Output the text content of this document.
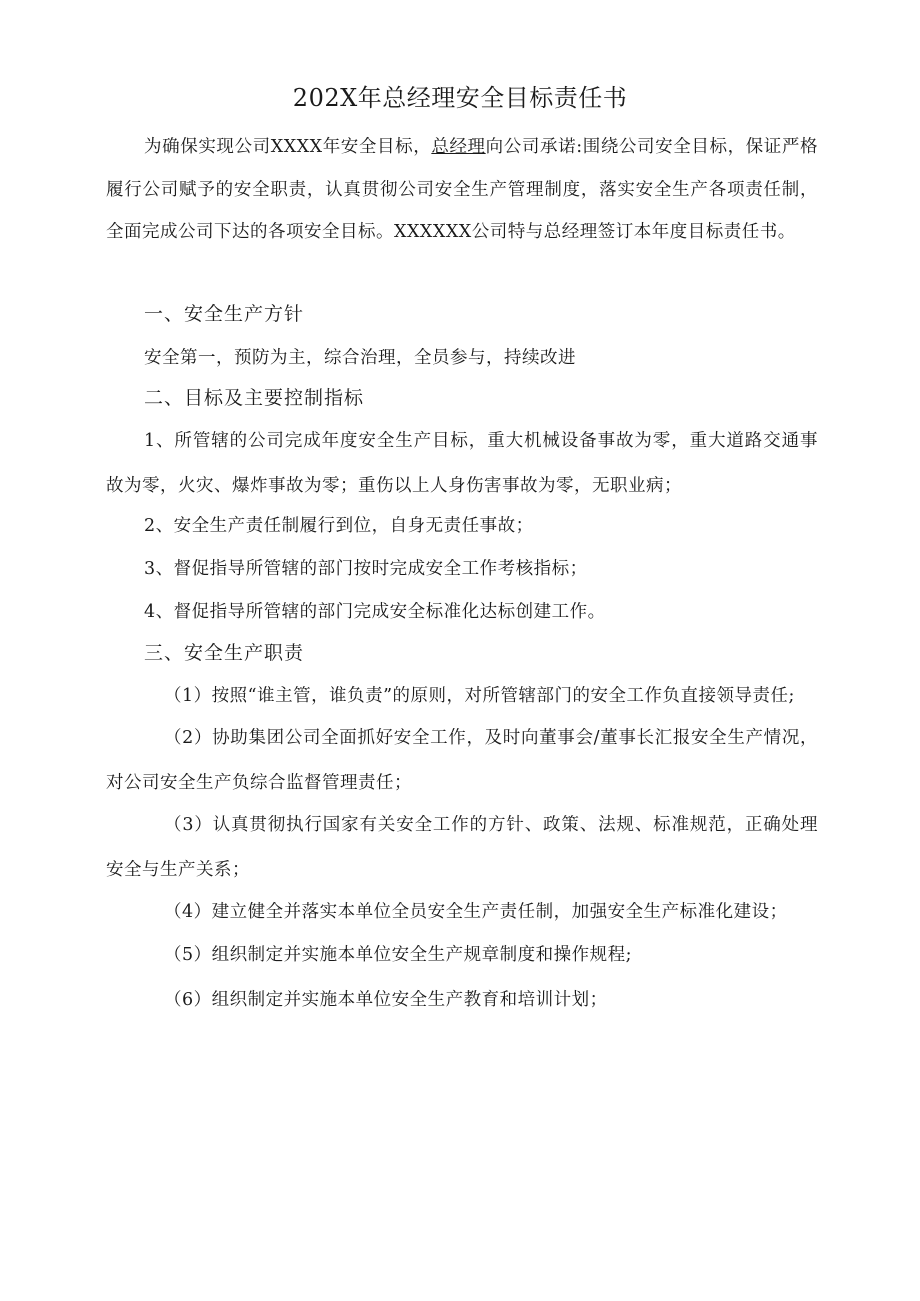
202X年总经理安全目标责任书
为确保实现公司XXXX年安全目标，总经理向公司承诺:围绕公司安全目标，保证严格履行公司赋予的安全职责，认真贯彻公司安全生产管理制度，落实安全生产各项责任制，全面完成公司下达的各项安全目标。XXXXXX公司特与总经理签订本年度目标责任书。
一、安全生产方针
安全第一，预防为主，综合治理，全员参与，持续改进
二、目标及主要控制指标
1、所管辖的公司完成年度安全生产目标，重大机械设备事故为零，重大道路交通事故为零，火灾、爆炸事故为零；重伤以上人身伤害事故为零，无职业病；
2、安全生产责任制履行到位，自身无责任事故；
3、督促指导所管辖的部门按时完成安全工作考核指标；
4、督促指导所管辖的部门完成安全标准化达标创建工作。
三、安全生产职责
（1）按照“谁主管，谁负责”的原则，对所管辖部门的安全工作负直接领导责任;
（2）协助集团公司全面抓好安全工作，及时向董事会/董事长汇报安全生产情况，对公司安全生产负综合监督管理责任；
（3）认真贯彻执行国家有关安全工作的方针、政策、法规、标准规范，正确处理安全与生产关系；
（4）建立健全并落实本单位全员安全生产责任制，加强安全生产标准化建设；
（5）组织制定并实施本单位安全生产规章制度和操作规程;
（6）组织制定并实施本单位安全生产教育和培训计划；
